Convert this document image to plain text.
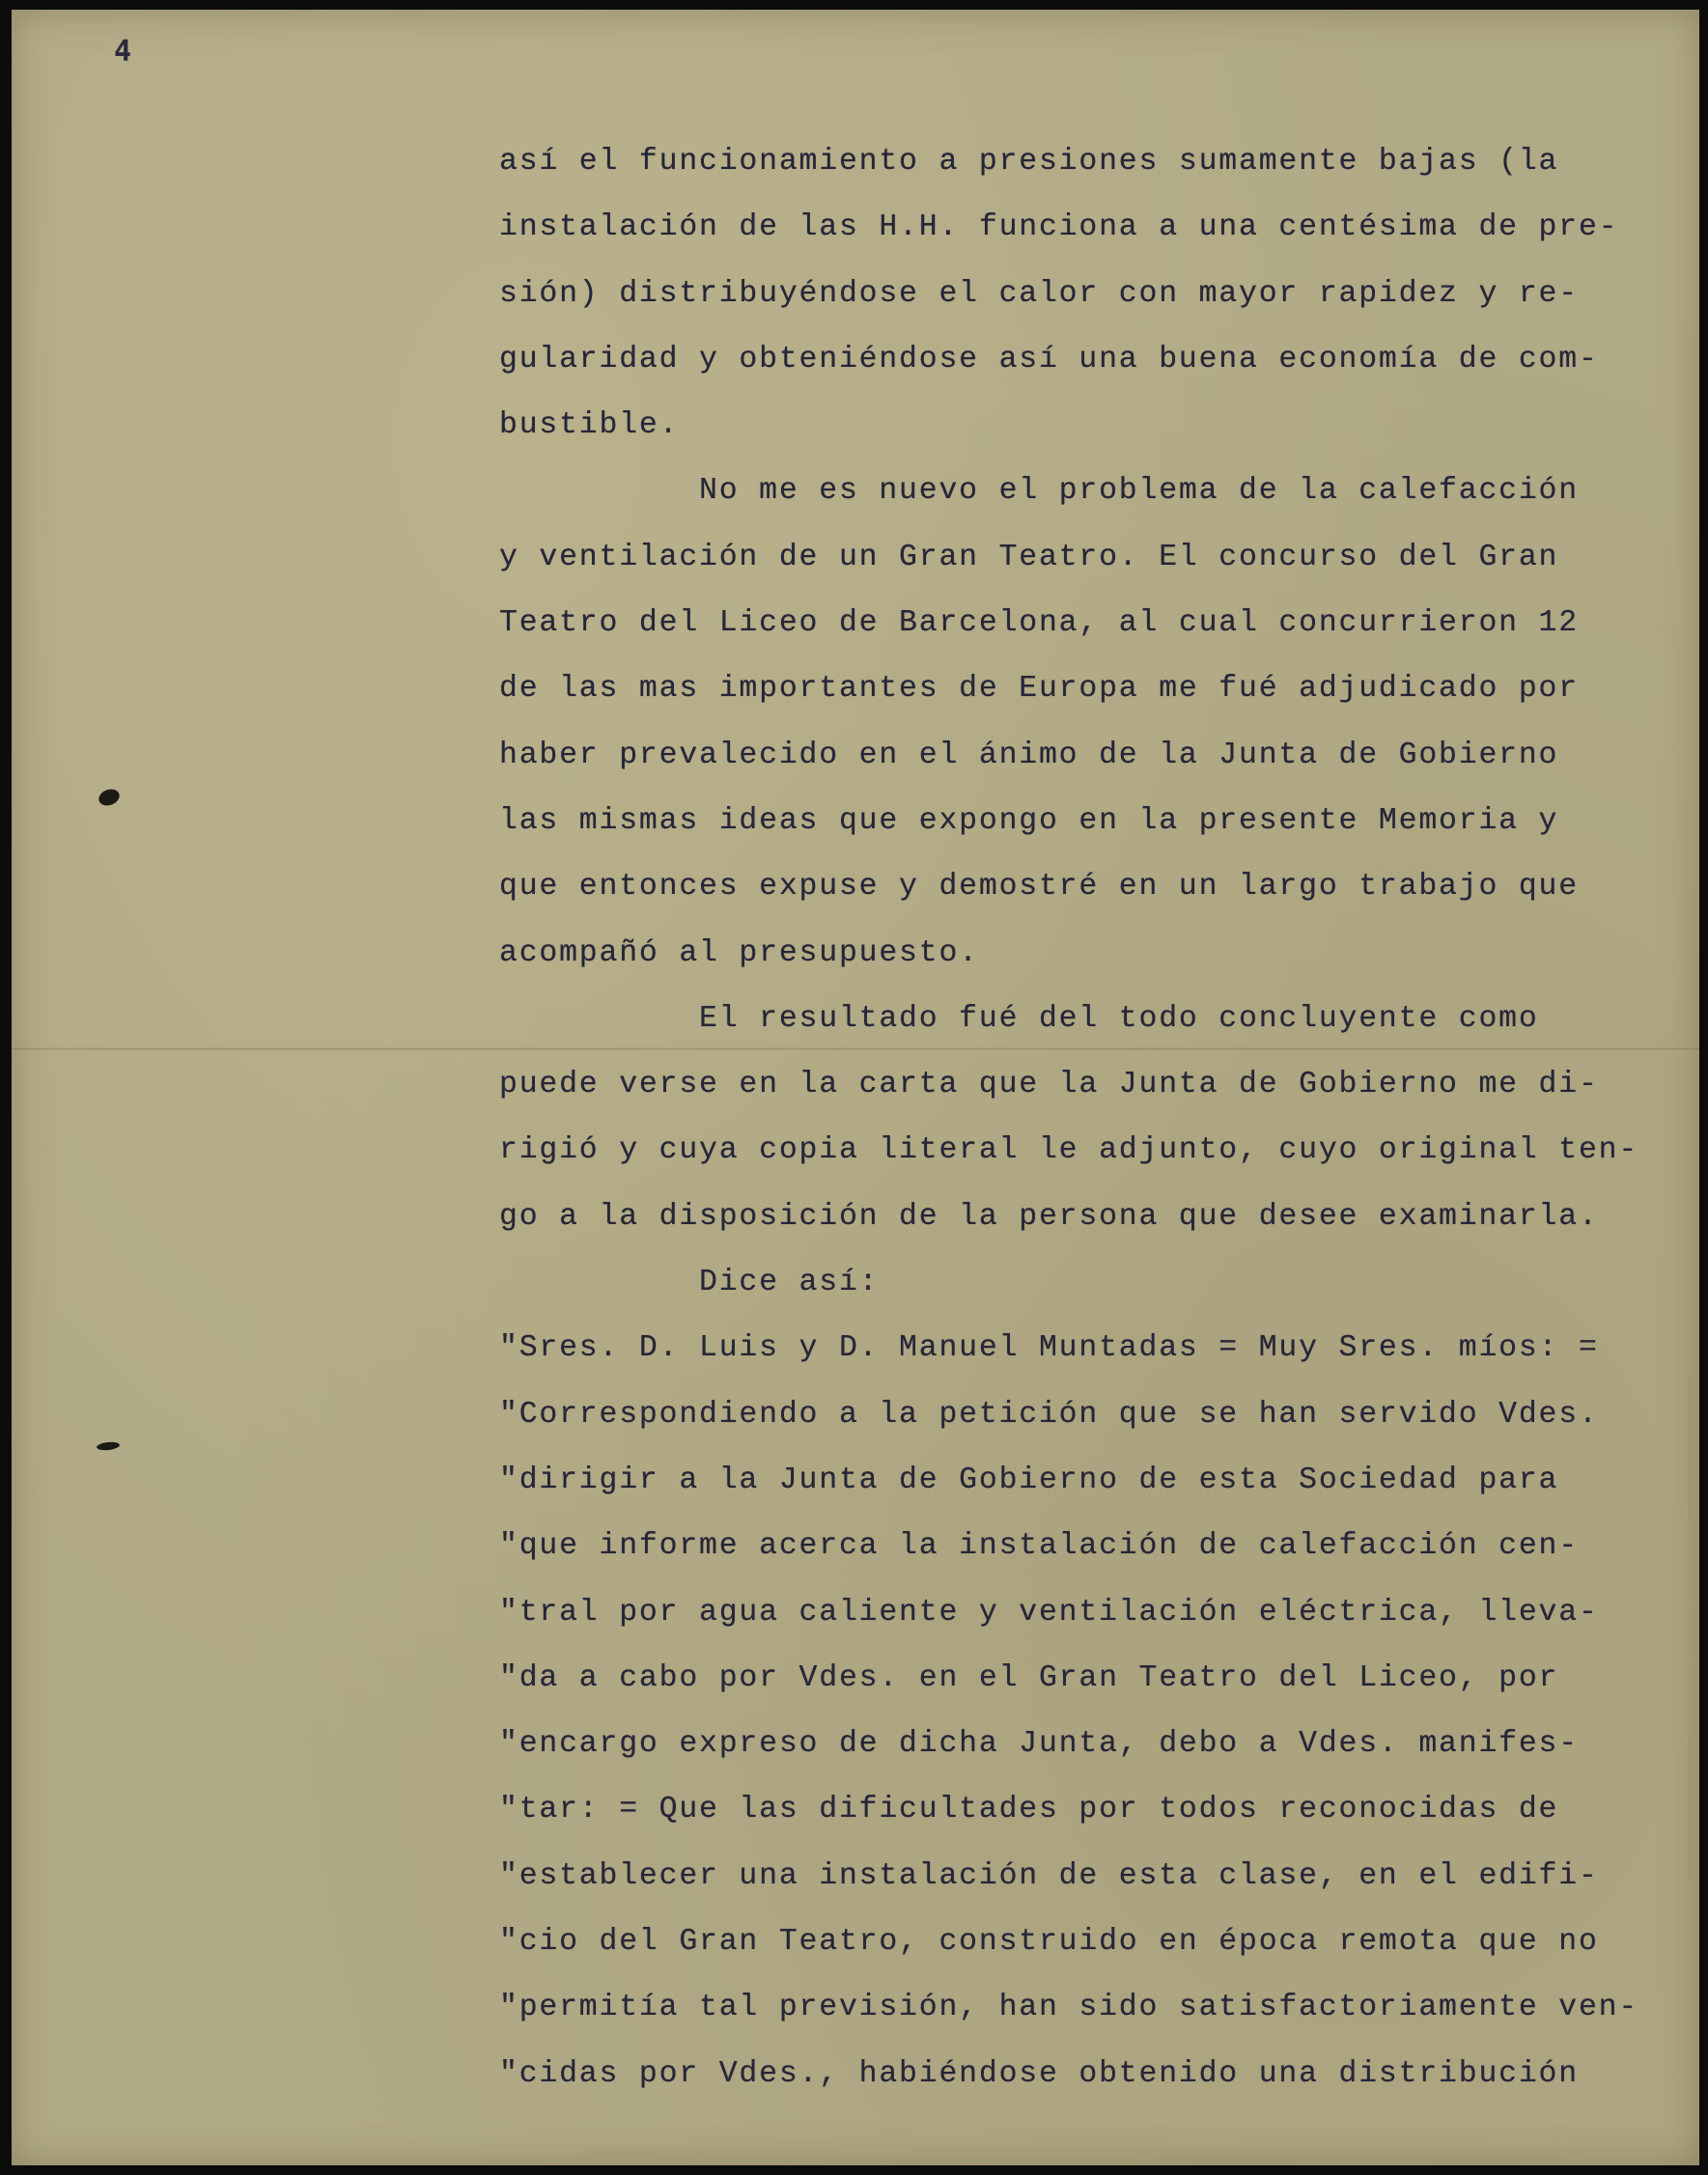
4

así el funcionamiento a presiones sumamente bajas (la

instalación de las H.H. funciona a una centésima de pre-

sión) distribuyéndose el calor con mayor rapidez y re-

gularidad y obteniéndose así una buena economía de com-

bustible.

No me es nuevo el problema de la calefacción

y ventilación de un Gran Teatro. El concurso del Gran

Teatro del Liceo de Barcelona, al cual concurrieron 12

de las mas importantes de Europa me fué adjudicado por

haber prevalecido en el ánimo de la Junta de Gobierno

las mismas ideas que expongo en la presente Memoria y

que entonces expuse y demostré en un largo trabajo que

acompañó al presupuesto.

El resultado fué del todo concluyente como

puede verse en la carta que la Junta de Gobierno me di-

rigió y cuya copia literal le adjunto, cuyo original ten-

go a la disposición de la persona que desee examinarla.

Dice así:

"Sres. D. Luis y D. Manuel Muntadas = Muy Sres. míos: =

"Correspondiendo a la petición que se han servido Vdes.

"dirigir a la Junta de Gobierno de esta Sociedad para

"que informe acerca la instalación de calefacción cen-

"tral por agua caliente y ventilación eléctrica, lleva-

"da a cabo por Vdes. en el Gran Teatro del Liceo, por

"encargo expreso de dicha Junta, debo a Vdes. manifes-

"tar: = Que las dificultades por todos reconocidas de

"establecer una instalación de esta clase, en el edifi-

"cio del Gran Teatro, construido en época remota que no

"permitía tal previsión, han sido satisfactoriamente ven-

"cidas por Vdes., habiéndose obtenido una distribución
